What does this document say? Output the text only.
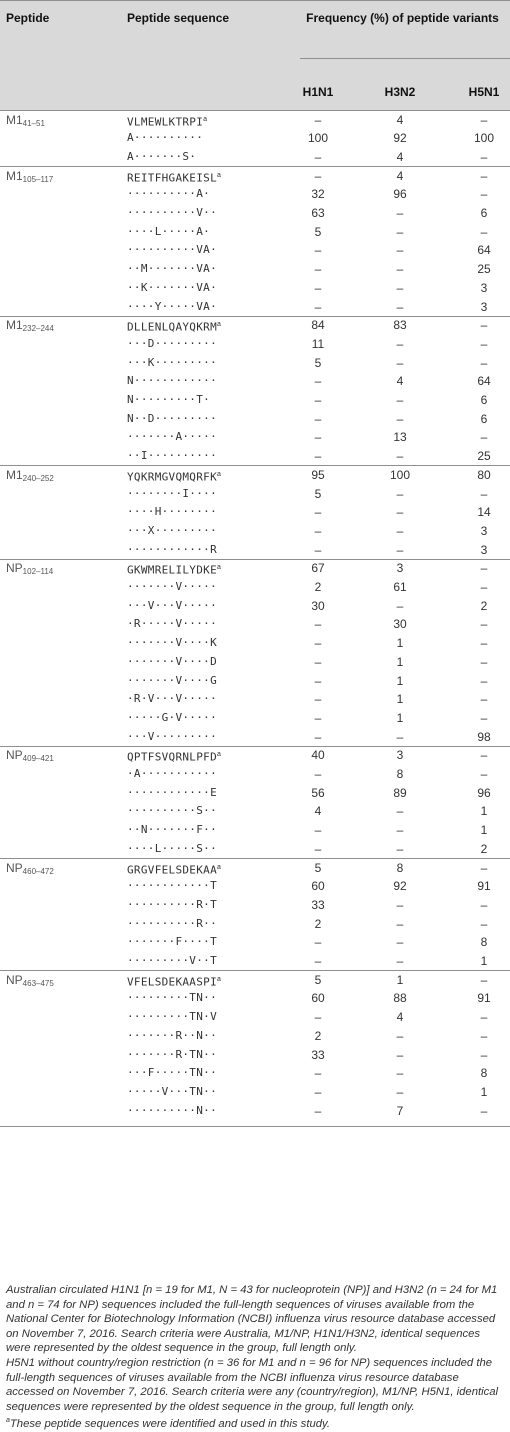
Peptide	Peptide sequence	Frequency (%) of peptide variants
H1N1	H3N2	H5N1
$M1_{41-51}$	VLMEWLKTRPI$^a$	–	4	–
A··········	100	92	100
A·······S·	–	4	–
$M1_{105-117}$	REITFHGAKEISL$^a$	–	4	–
··········A·	32	96	–
··········V··	63	–	6
····L·····A·	5	–	–
··········VA·	–	–	64
··M·······VA·	–	–	25
··K·······VA·	–	–	3
····Y·····VA·	–	–	3
$M1_{232-244}$	DLLENLQAYQKRM$^a$	84	83	–
···D·········	11	–	–
···K·········	5	–	–
N············	–	4	64
N·········T·	–	–	6
N··D·········	–	–	6
·······A·····	–	13	–
··I··········	–	–	25
$M1_{240-252}$	YQKRMGVQMQRFK$^a$	95	100	80
········I····	5	–	–
····H········	–	–	14
···X·········	–	–	3
············R	–	–	3
$NP_{102-114}$	GKWMRELILYDKE$^a$	67	3	–
·······V·····	2	61	–
···V···V·····	30	–	2
·R·····V·····	–	30	–
·······V····K	–	1	–
·······V····D	–	1	–
·······V····G	–	1	–
·R·V···V·····	–	1	–
·····G·V·····	–	1	–
···V·········	–	–	98
$NP_{409-421}$	QPTFSVQRNLPFD$^a$	40	3	–
·A···········	–	8	–
············E	56	89	96
··········S··	4	–	1
··N·······F··	–	–	1
····L·····S··	–	–	2
$NP_{460-472}$	GRGVFELSDEKAA$^a$	5	8	–
············T	60	92	91
··········R·T	33	–	–
··········R··	2	–	–
·······F····T	–	–	8
·········V··T	–	–	1
$NP_{463-475}$	VFELSDEKAASPI$^a$	5	1	–
·········TN··	60	88	91
·········TN·V	–	4	–
·······R··N··	2	–	–
·······R·TN··	33	–	–
···F·····TN··	–	–	8
·····V···TN··	–	–	1
··········N··	–	7	–

Australian circulated H1N1 [n = 19 for M1, N = 43 for nucleoprotein (NP)] and H3N2 (n = 24 for M1 and n = 74 for NP) sequences included the full-length sequences of viruses available from the National Center for Biotechnology Information (NCBI) influenza virus resource database accessed on November 7, 2016. Search criteria were Australia, M1/NP, H1N1/H3N2, identical sequences were represented by the oldest sequence in the group, full length only.

H5N1 without country/region restriction (n = 36 for M1 and n = 96 for NP) sequences included the full-length sequences of viruses available from the NCBI influenza virus resource database accessed on November 7, 2016. Search criteria were any (country/region), M1/NP, H5N1, identical sequences were represented by the oldest sequence in the group, full length only.

$^a$These peptide sequences were identified and used in this study.
